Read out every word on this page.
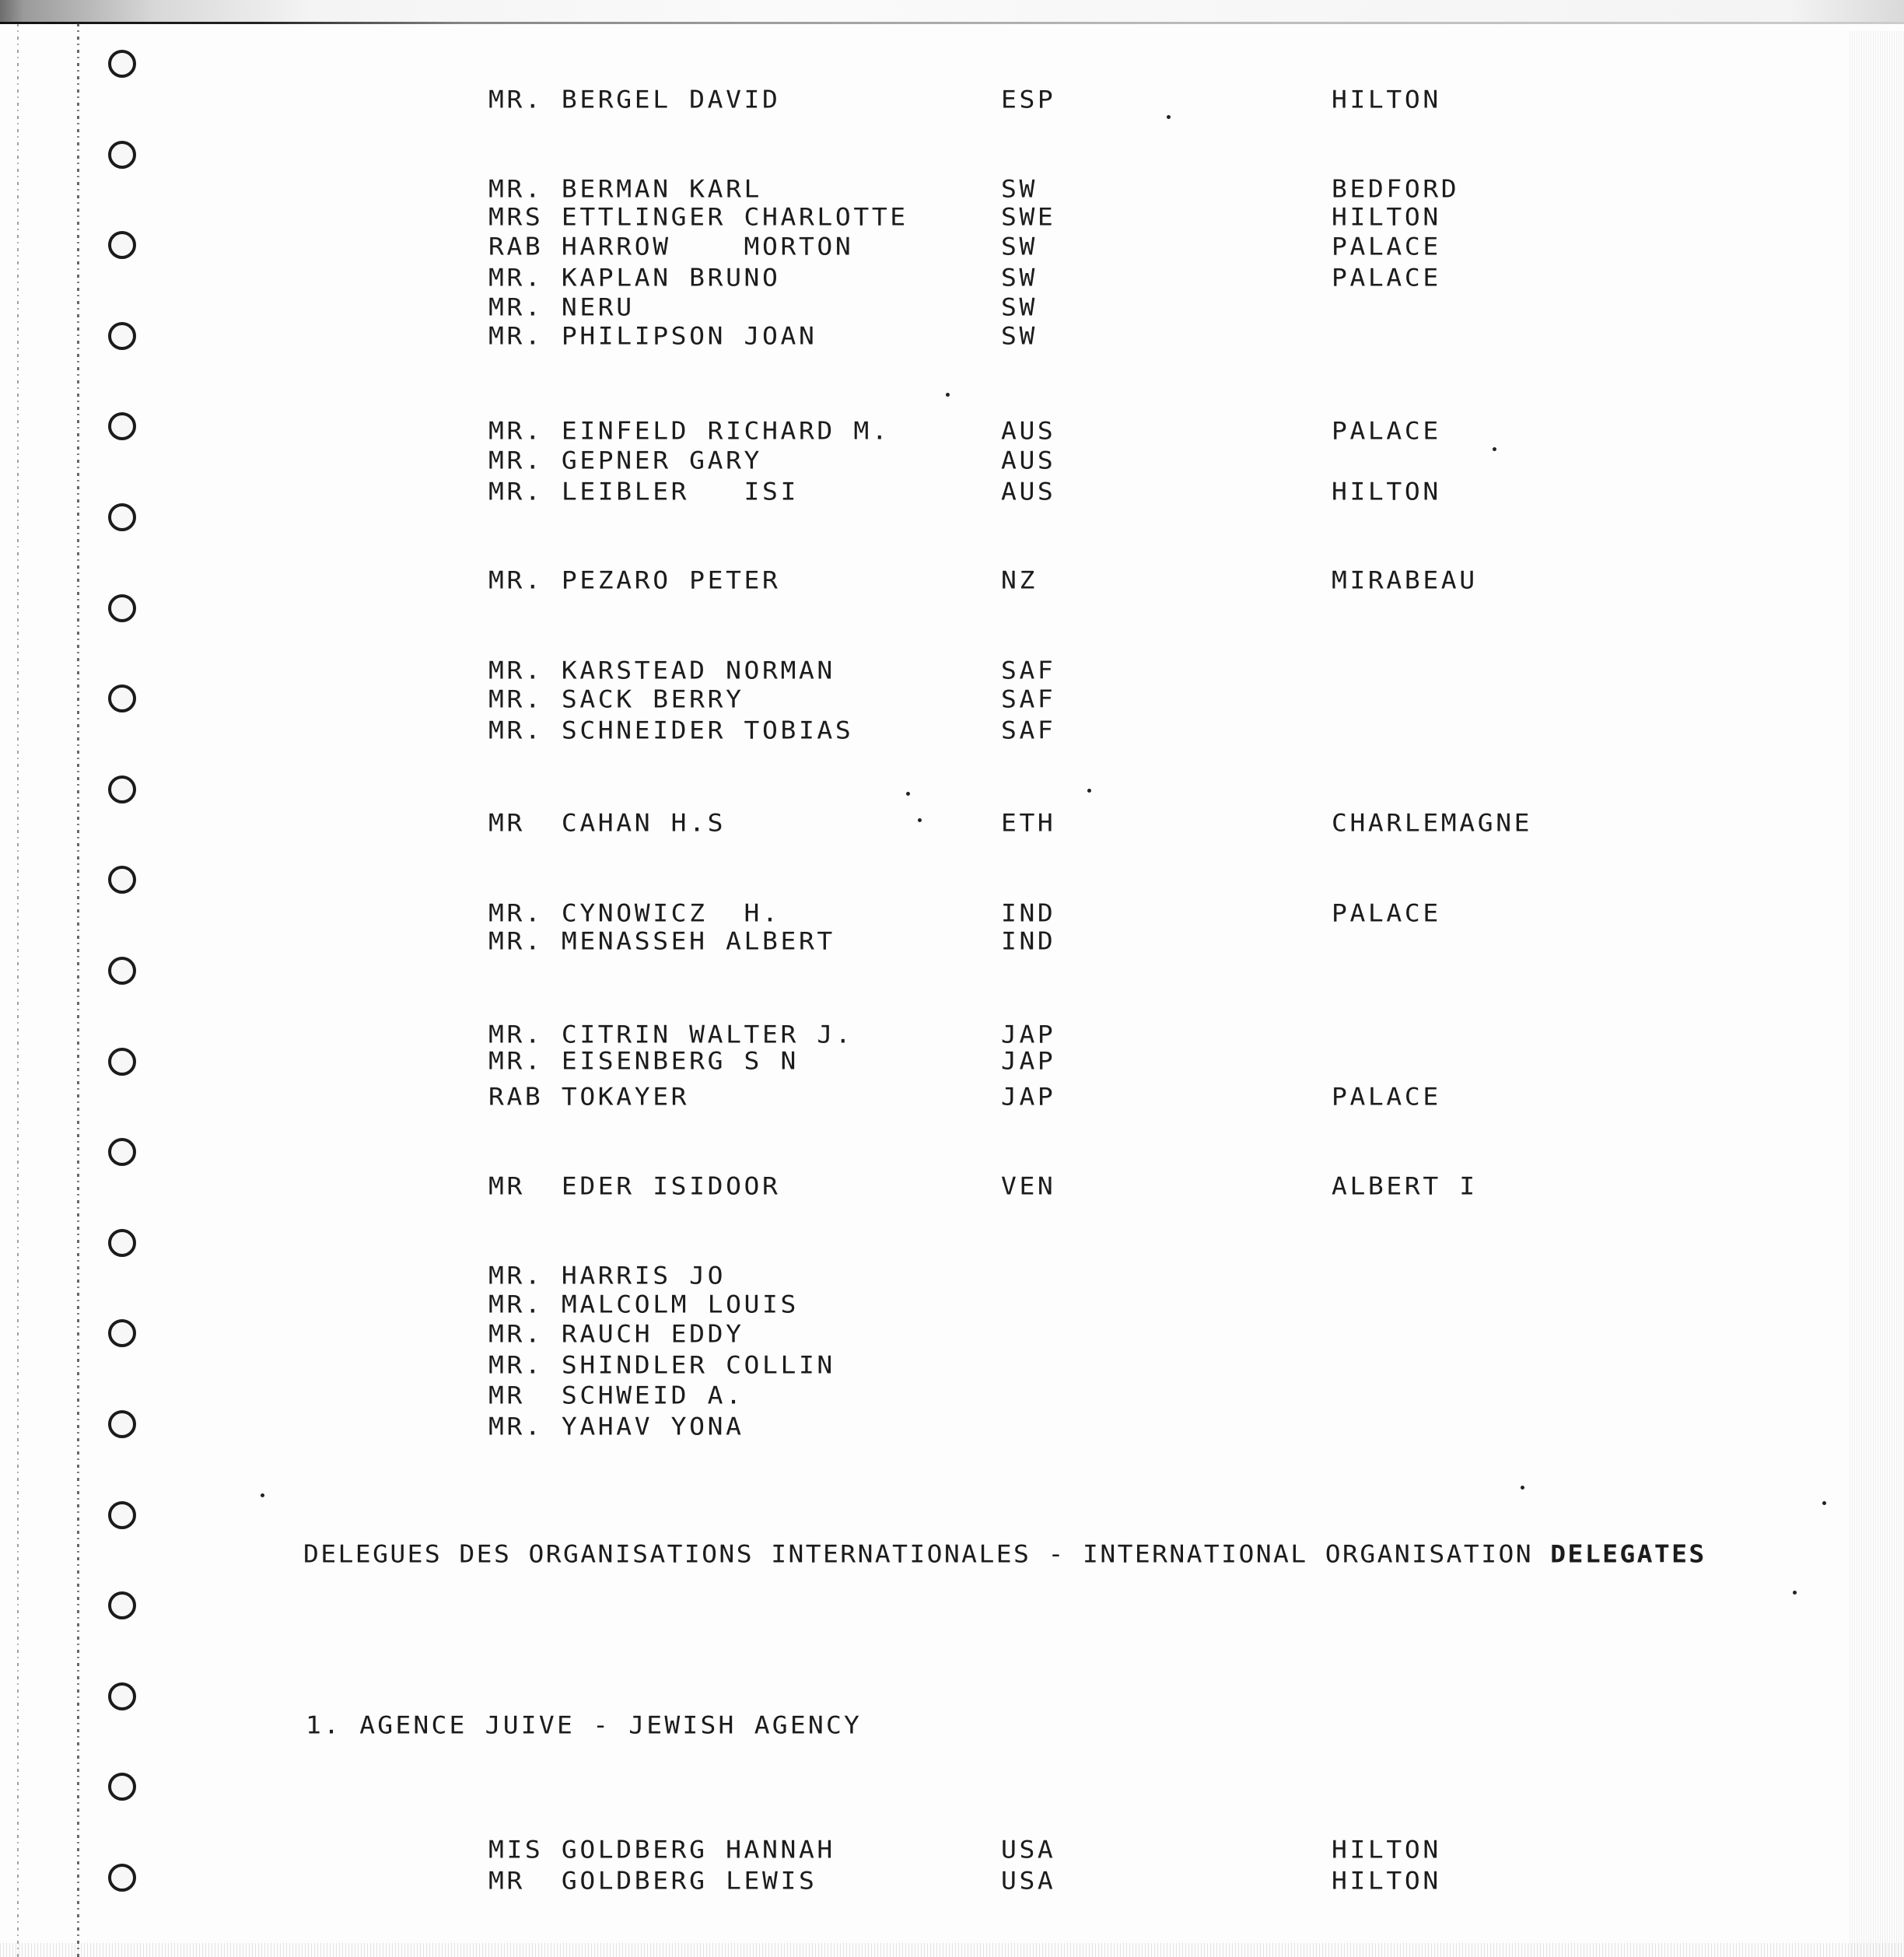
MR. BERGEL DAVID	ESP	HILTON
MR. BERMAN KARL	SW	BEDFORD
MRS ETTLINGER CHARLOTTE	SWE	HILTON
RAB HARROW    MORTON	SW	PALACE
MR. KAPLAN BRUNO	SW	PALACE
MR. NERU	SW
MR. PHILIPSON JOAN	SW
MR. EINFELD RICHARD M.	AUS	PALACE
MR. GEPNER GARY	AUS
MR. LEIBLER   ISI	AUS	HILTON
MR. PEZARO PETER	NZ	MIRABEAU
MR. KARSTEAD NORMAN	SAF
MR. SACK BERRY	SAF
MR. SCHNEIDER TOBIAS	SAF
MR  CAHAN H.S	ETH	CHARLEMAGNE
MR. CYNOWICZ  H.	IND	PALACE
MR. MENASSEH ALBERT	IND
MR. CITRIN WALTER J.	JAP
MR. EISENBERG S N	JAP
RAB TOKAYER	JAP	PALACE
MR  EDER ISIDOOR	VEN	ALBERT I
MR. HARRIS JO
MR. MALCOLM LOUIS
MR. RAUCH EDDY
MR. SHINDLER COLLIN
MR  SCHWEID A.
MR. YAHAV YONA
DELEGUES DES ORGANISATIONS INTERNATIONALES - INTERNATIONAL ORGANISATION DELEGATES
1. AGENCE JUIVE - JEWISH AGENCY
MIS GOLDBERG HANNAH	USA	HILTON
MR  GOLDBERG LEWIS	USA	HILTON
